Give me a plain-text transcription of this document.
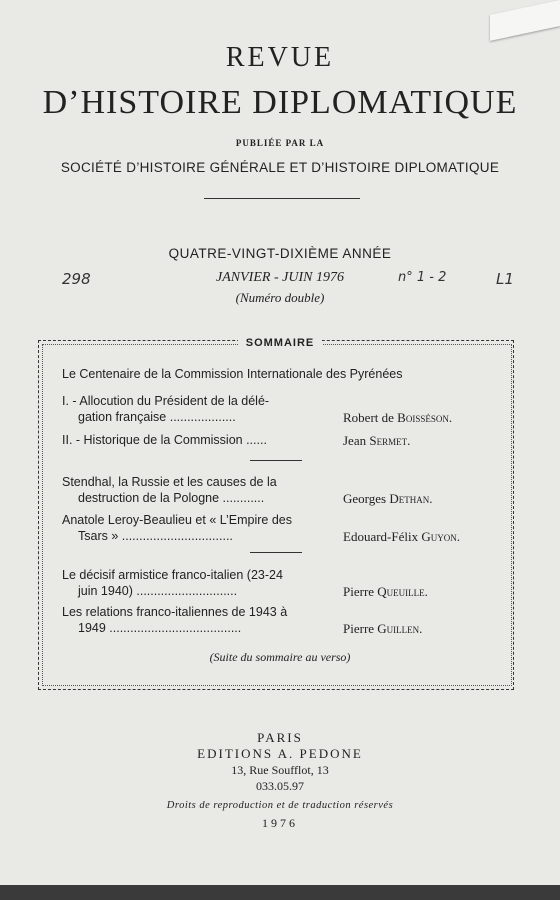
REVUE
D’HISTOIRE DIPLOMATIQUE
PUBLIÉE PAR LA
SOCIÉTÉ D’HISTOIRE GÉNÉRALE ET D’HISTOIRE DIPLOMATIQUE
QUATRE-VINGT-DIXIÈME ANNÉE
JANVIER - JUIN 1976
(Numéro double)
298	n° 1 - 2	L1
SOMMAIRE
Le Centenaire de la Commission Internationale des Pyrénées
I. - Allocution du Président de la délé-
gation française ...................	Robert de Boisséson.
II. - Historique de la Commission ......	Jean Sermet.
Stendhal, la Russie et les causes de la
destruction de la Pologne ............	Georges Dethan.
Anatole Leroy-Beaulieu et « L’Empire des
Tsars » ................................	Edouard-Félix Guyon.
Le décisif armistice franco-italien (23-24
juin 1940) .............................	Pierre Queuille.
Les relations franco-italiennes de 1943 à
1949 ......................................	Pierre Guillen.
(Suite du sommaire au verso)
PARIS
EDITIONS A. PEDONE
13, Rue Soufflot, 13
033.05.97
Droits de reproduction et de traduction réservés
1976
